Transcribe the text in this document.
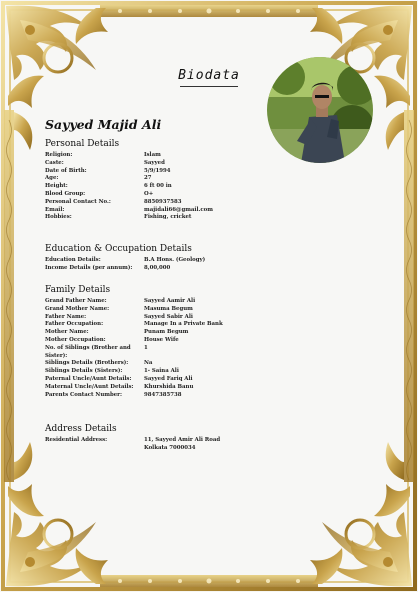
Biodata
Sayyed Majid Ali
Personal Details
Religion:	Islam
Caste:	Sayyed
Date of Birth:	5/9/1994
Age:	27
Height:	6 ft 00 in
Blood Group:	O+
Personal Contact No.:	8850937583
Email:	majidali66@gmail.com
Hobbies:	Fishing, cricket
Education & Occupation Details
Education Details:	B.A Hons. (Geology)
Income Details (per annum):	8,00,000
Family Details
Grand Father Name:	Sayyed Aamir Ali
Grand Mother Name:	Masuma Begum
Father Name:	Sayyed Sabir Ali
Father Occupation:	Manage In a Private Bank
Mother Name:	Punam Begum
Mother Occupation:	House Wife
No. of Siblings (Brother and Sister):
1
Siblings Details (Brothers):	Na
Siblings Details (Sisters):	1- Saina Ali
Paternal Uncle/Aunt Details:	Sayyed Fariq Ali
Maternal Uncle/Aunt Details:	Khurshida Banu
Parents Contact Number:	9847385738
Address Details
Residential Address:	11, Sayyed Amir Ali Road Kolkata 7000034
